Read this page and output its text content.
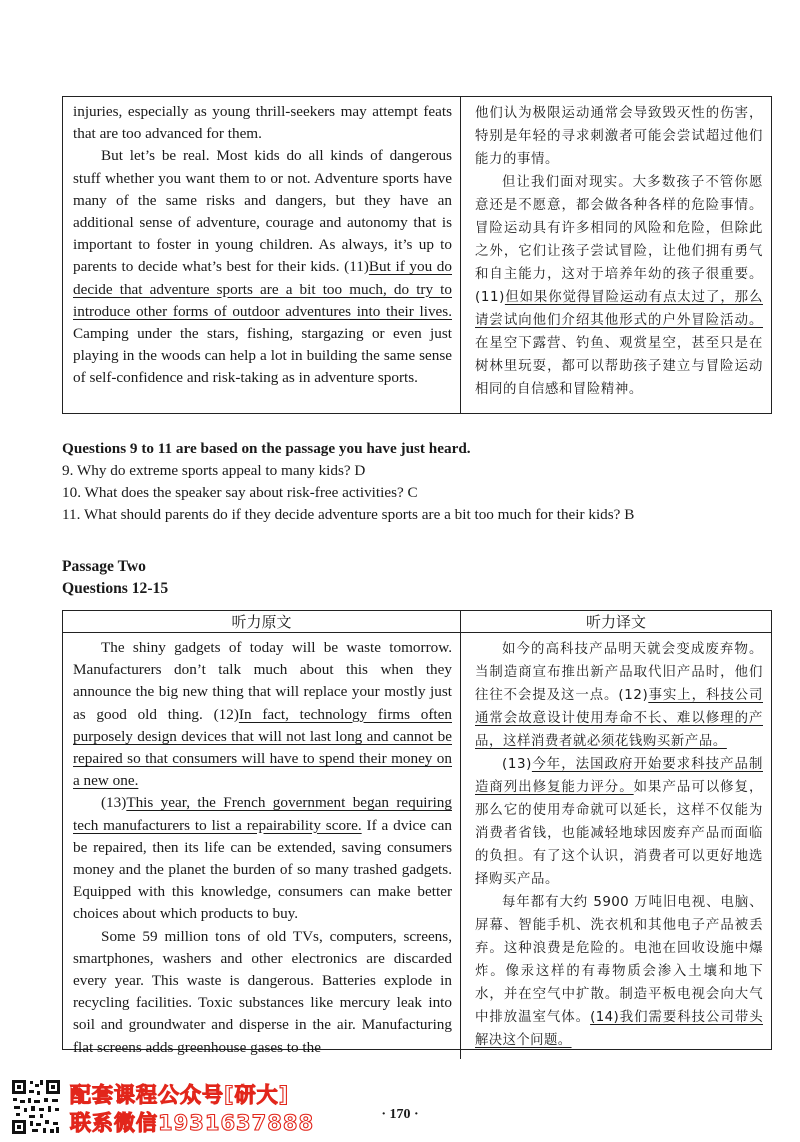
injuries, especially as young thrill-seekers may attempt feats that are too advanced for them.

But let’s be real. Most kids do all kinds of dangerous stuff whether you want them to or not. Adventure sports have many of the same risks and dangers, but they have an additional sense of adventure, courage and autonomy that is important to foster in young children. As always, it’s up to parents to decide what’s best for their kids. (11)But if you do decide that adventure sports are a bit too much, do try to introduce other forms of outdoor adventures into their lives. Camping under the stars, fishing, stargazing or even just playing in the woods can help a lot in building the same sense of self-confidence and risk-taking as in adventure sports.

他们认为极限运动通常会导致毁灭性的伤害，特别是年轻的寻求刺激者可能会尝试超过他们能力的事情。

但让我们面对现实。大多数孩子不管你愿意还是不愿意，都会做各种各样的危险事情。冒险运动具有许多相同的风险和危险，但除此之外，它们让孩子尝试冒险，让他们拥有勇气和自主能力，这对于培养年幼的孩子很重要。(11)但如果你觉得冒险运动有点太过了，那么请尝试向他们介绍其他形式的户外冒险活动。在星空下露营、钓鱼、观赏星空，甚至只是在树林里玩耍，都可以帮助孩子建立与冒险运动相同的自信感和冒险精神。

Questions 9 to 11 are based on the passage you have just heard.
9. Why do extreme sports appeal to many kids? D
10. What does the speaker say about risk-free activities? C
11. What should parents do if they decide adventure sports are a bit too much for their kids? B
Passage Two
Questions 12-15
听力原文	听力译文

The shiny gadgets of today will be waste tomorrow. Manufacturers don’t talk much about this when they announce the big new thing that will replace your mostly just as good old thing. (12)In fact, technology firms often purposely design devices that will not last long and cannot be repaired so that consumers will have to spend their money on a new one.

(13)This year, the French government began requiring tech manufacturers to list a repairability score. If a dvice can be repaired, then its life can be extended, saving consumers money and the planet the burden of so many trashed gadgets. Equipped with this knowledge, consumers can make better choices about which products to buy.

Some 59 million tons of old TVs, computers, screens, smartphones, washers and other electronics are discarded every year. This waste is dangerous. Batteries explode in recycling facilities. Toxic substances like mercury leak into soil and groundwater and disperse in the air. Manufacturing flat screens adds greenhouse gases to the

如今的高科技产品明天就会变成废弃物。当制造商宣布推出新产品取代旧产品时，他们往往不会提及这一点。(12)事实上，科技公司通常会故意设计使用寿命不长、难以修理的产品，这样消费者就必须花钱购买新产品。

(13)今年，法国政府开始要求科技产品制造商列出修复能力评分。如果产品可以修复，那么它的使用寿命就可以延长，这样不仅能为消费者省钱，也能减轻地球因废弃产品而面临的负担。有了这个认识，消费者可以更好地选择购买产品。

每年都有大约 5900 万吨旧电视、电脑、屏幕、智能手机、洗衣机和其他电子产品被丢弃。这种浪费是危险的。电池在回收设施中爆炸。像汞这样的有毒物质会渗入土壤和地下水，并在空气中扩散。制造平板电视会向大气中排放温室气体。(14)我们需要科技公司带头解决这个问题。

· 170 ·
配套课程公众号[研大]
联系微信1931637888
